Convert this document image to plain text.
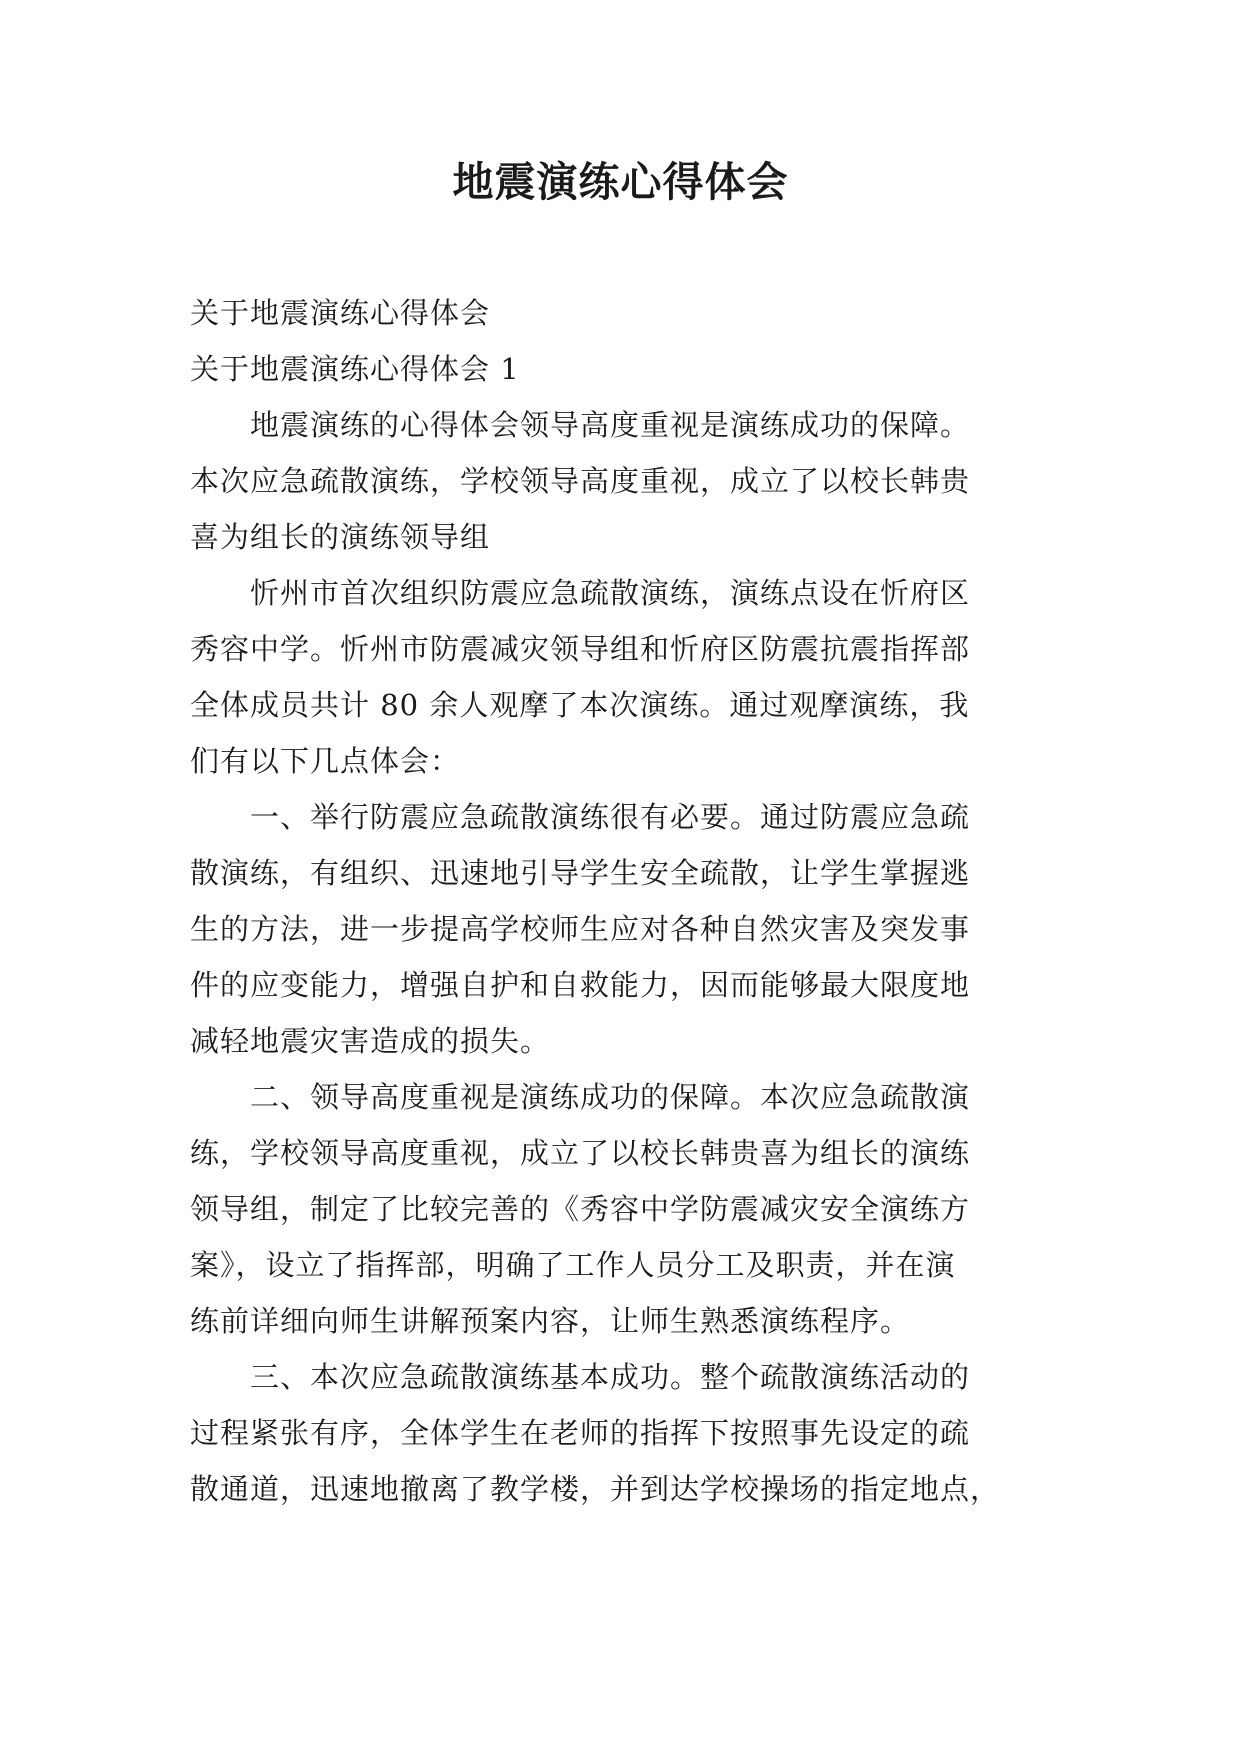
地震演练心得体会

关于地震演练心得体会

关于地震演练心得体会 1

地震演练的心得体会领导高度重视是演练成功的保障。

本次应急疏散演练，学校领导高度重视，成立了以校长韩贵

喜为组长的演练领导组

忻州市首次组织防震应急疏散演练，演练点设在忻府区

秀容中学。忻州市防震减灾领导组和忻府区防震抗震指挥部

全体成员共计 80 余人观摩了本次演练。通过观摩演练，我

们有以下几点体会：

一、举行防震应急疏散演练很有必要。通过防震应急疏

散演练，有组织、迅速地引导学生安全疏散，让学生掌握逃

生的方法，进一步提高学校师生应对各种自然灾害及突发事

件的应变能力，增强自护和自救能力，因而能够最大限度地

减轻地震灾害造成的损失。

二、领导高度重视是演练成功的保障。本次应急疏散演

练，学校领导高度重视，成立了以校长韩贵喜为组长的演练

领导组，制定了比较完善的《秀容中学防震减灾安全演练方

案》，设立了指挥部，明确了工作人员分工及职责，并在演

练前详细向师生讲解预案内容，让师生熟悉演练程序。

三、本次应急疏散演练基本成功。整个疏散演练活动的

过程紧张有序，全体学生在老师的指挥下按照事先设定的疏

散通道，迅速地撤离了教学楼，并到达学校操场的指定地点，
